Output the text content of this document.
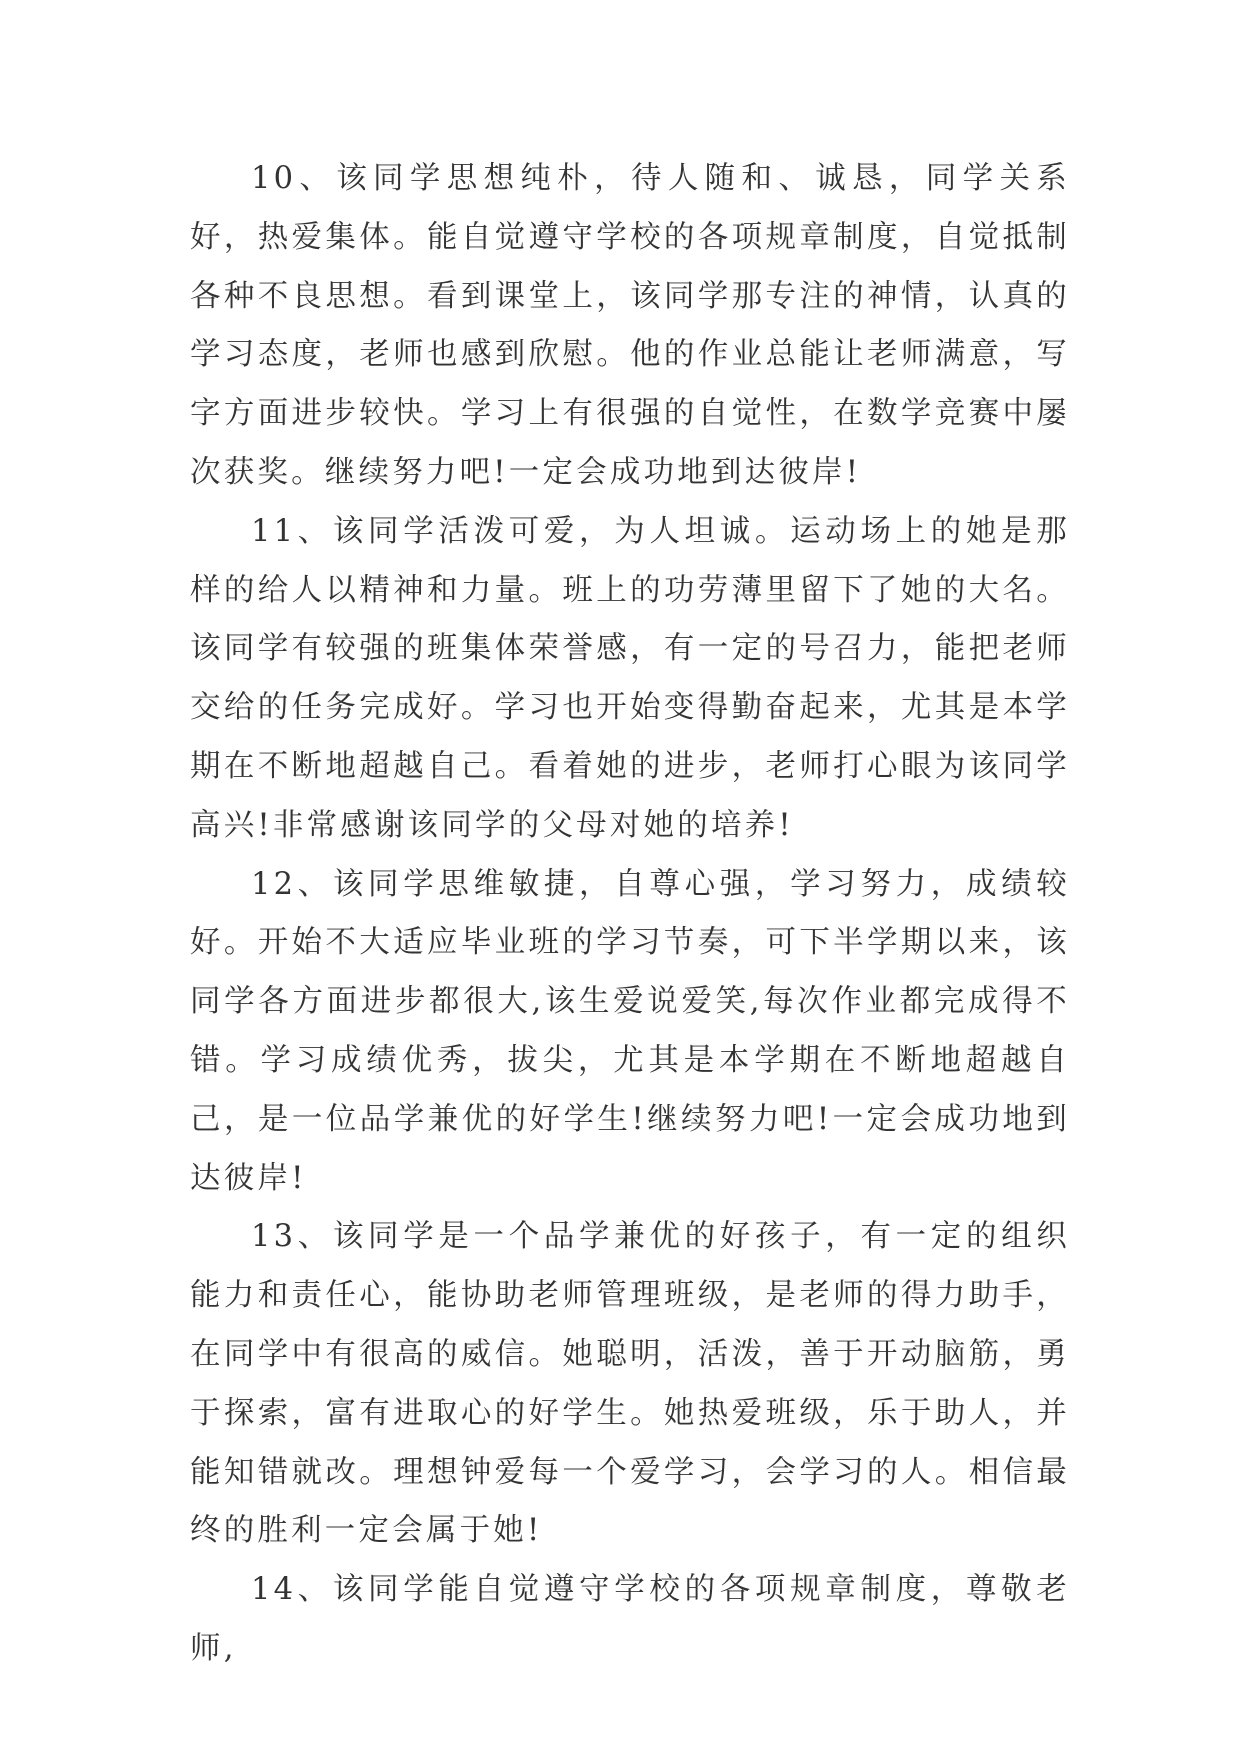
10、该同学思想纯朴，待人随和、诚恳，同学关系好，热爱集体。能自觉遵守学校的各项规章制度，自觉抵制各种不良思想。看到课堂上，该同学那专注的神情，认真的学习态度，老师也感到欣慰。他的作业总能让老师满意，写字方面进步较快。学习上有很强的自觉性，在数学竞赛中屡次获奖。继续努力吧!一定会成功地到达彼岸!

11、该同学活泼可爱，为人坦诚。运动场上的她是那样的给人以精神和力量。班上的功劳薄里留下了她的大名。该同学有较强的班集体荣誉感，有一定的号召力，能把老师交给的任务完成好。学习也开始变得勤奋起来，尤其是本学期在不断地超越自己。看着她的进步，老师打心眼为该同学高兴!非常感谢该同学的父母对她的培养!

12、该同学思维敏捷，自尊心强，学习努力，成绩较好。开始不大适应毕业班的学习节奏，可下半学期以来，该同学各方面进步都很大,该生爱说爱笑,每次作业都完成得不错。学习成绩优秀，拔尖，尤其是本学期在不断地超越自己，是一位品学兼优的好学生!继续努力吧!一定会成功地到达彼岸!

13、该同学是一个品学兼优的好孩子，有一定的组织能力和责任心，能协助老师管理班级，是老师的得力助手，在同学中有很高的威信。她聪明，活泼，善于开动脑筋，勇于探索，富有进取心的好学生。她热爱班级，乐于助人，并能知错就改。理想钟爱每一个爱学习，会学习的人。相信最终的胜利一定会属于她!

14、该同学能自觉遵守学校的各项规章制度，尊敬老师,
